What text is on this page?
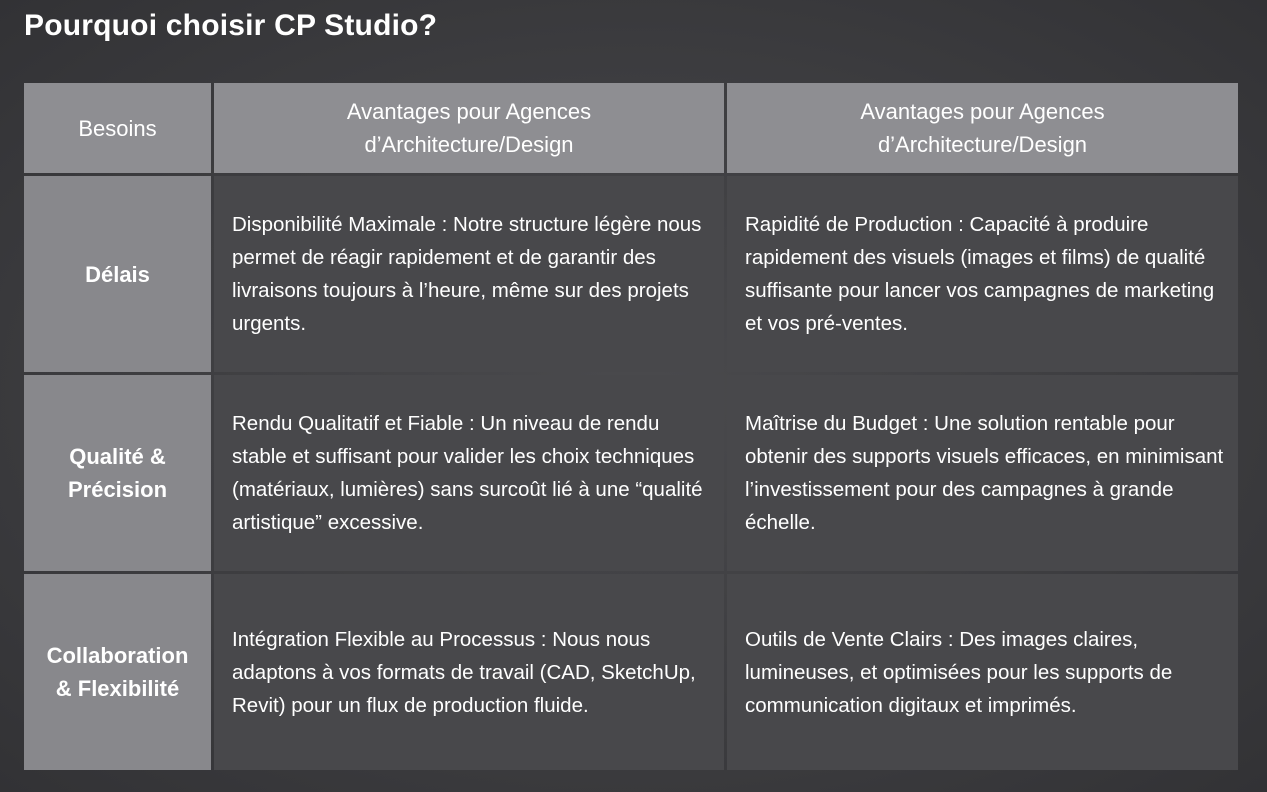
Pourquoi choisir CP Studio?
Besoins
Avantages pour Agences d’Architecture/Design
Avantages pour Agences d’Architecture/Design
Délais
Disponibilité Maximale : Notre structure légère nous permet de réagir rapidement et de garantir des livraisons toujours à l’heure, même sur des projets urgents.
Rapidité de Production : Capacité à produire rapidement des visuels (images et films) de qualité suffisante pour lancer vos campagnes de marketing et vos pré-ventes.
Qualité & Précision
Rendu Qualitatif et Fiable : Un niveau de rendu stable et suffisant pour valider les choix techniques (matériaux, lumières) sans surcoût lié à une “qualité artistique” excessive.
Maîtrise du Budget : Une solution rentable pour obtenir des supports visuels efficaces, en minimisant l’investissement pour des campagnes à grande échelle.
Collaboration & Flexibilité
Intégration Flexible au Processus : Nous nous adaptons à vos formats de travail (CAD, SketchUp, Revit) pour un flux de production fluide.
Outils de Vente Clairs : Des images claires, lumineuses, et optimisées pour les supports de communication digitaux et imprimés.
